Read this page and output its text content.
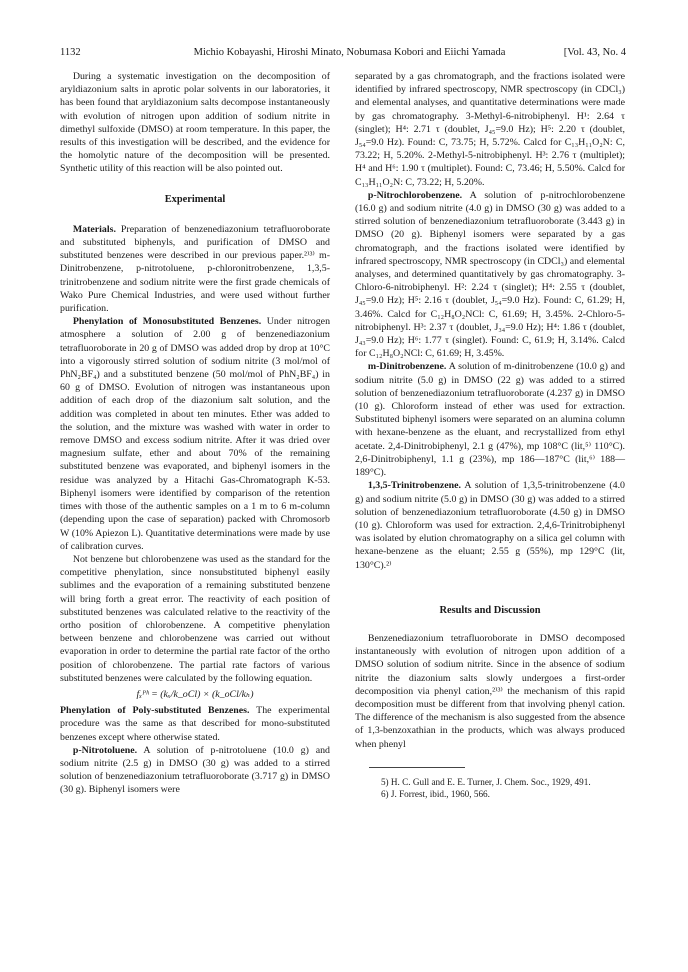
1132	Michio Kobayashi, Hiroshi Minato, Nobumasa Kobori and Eiichi Yamada	[Vol. 43, No. 4

During a systematic investigation on the decomposition of aryldiazonium salts in aprotic polar solvents in our laboratories, it has been found that aryldiazonium salts decompose instantaneously with evolution of nitrogen upon addition of sodium nitrite in dimethyl sulfoxide (DMSO) at room temperature. In this paper, the results of this investigation will be described, and the evidence for the homolytic nature of the decomposition will be presented. Synthetic utility of this reaction will be also pointed out.

Experimental

Materials. Preparation of benzenediazonium tetrafluoroborate and substituted biphenyls, and purification of DMSO and substituted benzenes were described in our previous paper.²⁾³⁾ m-Dinitrobenzene, p-nitrotoluene, p-chloronitrobenzene, 1,3,5-trinitrobenzene and sodium nitrite were the first grade chemicals of Wako Pure Chemical Industries, and were used without further purification.

Phenylation of Monosubstituted Benzenes. Under nitrogen atmosphere a solution of 2.00 g of benzenediazonium tetrafluoroborate in 20 g of DMSO was added drop by drop at 10°C into a vigorously stirred solution of sodium nitrite (3 mol/mol of PhN₂BF₄) and a substituted benzene (50 mol/mol of PhN₂BF₄) in 60 g of DMSO. Evolution of nitrogen was instantaneous upon addition of each drop of the diazonium salt solution, and the addition was completed in about ten minutes. Ether was added to the solution, and the mixture was washed with water in order to remove DMSO and excess sodium nitrite. After it was dried over magnesium sulfate, ether and about 70% of the remaining substituted benzene was evaporated, and biphenyl isomers in the residue was analyzed by a Hitachi Gas-Chromatograph K-53. Biphenyl isomers were identified by comparison of the retention times with those of the authentic samples on a 1 m to 6 m-column (depending upon the case of separation) packed with Chromosorb W (10% Apiezon L). Quantitative determinations were made by use of calibration curves.

Not benzene but chlorobenzene was used as the standard for the competitive phenylation, since nonsubstituted biphenyl easily sublimes and the evaporation of a remaining substituted benzene will bring forth a great error. The reactivity of each position of substituted benzenes was calculated relative to the reactivity of the ortho position of chlorobenzene. A competitive phenylation between benzene and chlorobenzene was carried out without evaporation in order to determine the partial rate factor of the ortho position of chlorobenzene. The partial rate factors of various substituted benzenes were calculated by the following equation.

fₓᴾʰ = (kₓ/k_oCl) × (k_oCl/kₕ)

Phenylation of Poly-substituted Benzenes. The experimental procedure was the same as that described for mono-substituted benzenes except where otherwise stated.

p-Nitrotoluene. A solution of p-nitrotoluene (10.0 g) and sodium nitrite (2.5 g) in DMSO (30 g) was added to a stirred solution of benzenediazonium tetrafluoroborate (3.717 g) in DMSO (30 g). Biphenyl isomers were

separated by a gas chromatograph, and the fractions isolated were identified by infrared spectroscopy, NMR spectroscopy (in CDCl₃) and elemental analyses, and quantitative determinations were made by gas chromatography. 3-Methyl-6-nitrobiphenyl. H¹: 2.64 τ (singlet); H⁴: 2.71 τ (doublet, J₄₅=9.0 Hz); H⁵: 2.20 τ (doublet, J₅₄=9.0 Hz). Found: C, 73.75; H, 5.72%. Calcd for C₁₃H₁₁O₂N: C, 73.22; H, 5.20%. 2-Methyl-5-nitrobiphenyl. H³: 2.76 τ (multiplet); H⁴ and H⁶: 1.90 τ (multiplet). Found: C, 73.46; H, 5.50%. Calcd for C₁₃H₁₁O₂N: C, 73.22; H, 5.20%.

p-Nitrochlorobenzene. A solution of p-nitrochlorobenzene (16.0 g) and sodium nitrite (4.0 g) in DMSO (30 g) was added to a stirred solution of benzenediazonium tetrafluoroborate (3.443 g) in DMSO (20 g). Biphenyl isomers were separated by a gas chromatograph, and the fractions isolated were identified by infrared spectroscopy, NMR spectroscopy (in CDCl₃) and elemental analyses, and determined quantitatively by gas chromatography. 3-Chloro-6-nitrobiphenyl. H²: 2.24 τ (singlet); H⁴: 2.55 τ (doublet, J₄₅=9.0 Hz); H⁵: 2.16 τ (doublet, J₅₄=9.0 Hz). Found: C, 61.29; H, 3.46%. Calcd for C₁₂H₈O₂NCl: C, 61.69; H, 3.45%. 2-Chloro-5-nitrobiphenyl. H³: 2.37 τ (doublet, J₃₄=9.0 Hz); H⁴: 1.86 τ (doublet, J₄₃=9.0 Hz); H⁶: 1.77 τ (singlet). Found: C, 61.9; H, 3.14%. Calcd for C₁₂H₈O₂NCl: C, 61.69; H, 3.45%.

m-Dinitrobenzene. A solution of m-dinitrobenzene (10.0 g) and sodium nitrite (5.0 g) in DMSO (22 g) was added to a stirred solution of benzenediazonium tetrafluoroborate (4.237 g) in DMSO (10 g). Chloroform instead of ether was used for extraction. Substituted biphenyl isomers were separated on an alumina column with hexane-benzene as the eluant, and recrystallized from ethyl acetate. 2,4-Dinitrobiphenyl, 2.1 g (47%), mp 108°C (lit,⁵⁾ 110°C). 2,6-Dinitrobiphenyl, 1.1 g (23%), mp 186—187°C (lit,⁶⁾ 188—189°C).

1,3,5-Trinitrobenzene. A solution of 1,3,5-trinitrobenzene (4.0 g) and sodium nitrite (5.0 g) in DMSO (30 g) was added to a stirred solution of benzenediazonium tetrafluoroborate (4.50 g) in DMSO (10 g). Chloroform was used for extraction. 2,4,6-Trinitrobiphenyl was isolated by elution chromatography on a silica gel column with hexane-benzene as the eluant; 2.55 g (55%), mp 129°C (lit, 130°C).²⁾

Results and Discussion

Benzenediazonium tetrafluoroborate in DMSO decomposed instantaneously with evolution of nitrogen upon addition of a DMSO solution of sodium nitrite. Since in the absence of sodium nitrite the diazonium salts slowly undergoes a first-order decomposition via phenyl cation,²⁾³⁾ the mechanism of this rapid decomposition must be different from that involving phenyl cation. The difference of the mechanism is also suggested from the absence of 1,3-benzoxathian in the products, which was always produced when phenyl

5) H. C. Gull and E. E. Turner, J. Chem. Soc., 1929, 491.

6) J. Forrest, ibid., 1960, 566.
